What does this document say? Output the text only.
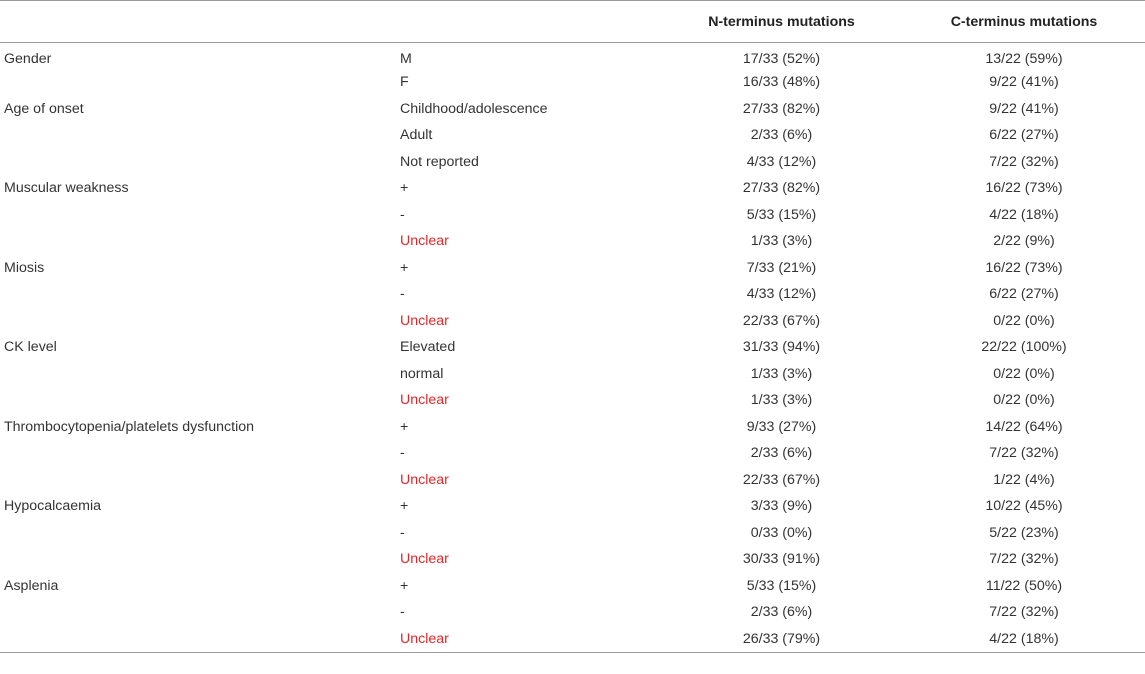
		N-terminus mutations	C-terminus mutations
Gender	M	17/33 (52%)	13/22 (59%)
	F	16/33 (48%)	9/22 (41%)
Age of onset	Childhood/adolescence	27/33 (82%)	9/22 (41%)
	Adult	2/33 (6%)	6/22 (27%)
	Not reported	4/33 (12%)	7/22 (32%)
Muscular weakness	+	27/33 (82%)	16/22 (73%)
	-	5/33 (15%)	4/22 (18%)
	Unclear	1/33 (3%)	2/22 (9%)
Miosis	+	7/33 (21%)	16/22 (73%)
	-	4/33 (12%)	6/22 (27%)
	Unclear	22/33 (67%)	0/22 (0%)
CK level	Elevated	31/33 (94%)	22/22 (100%)
	normal	1/33 (3%)	0/22 (0%)
	Unclear	1/33 (3%)	0/22 (0%)
Thrombocytopenia/platelets dysfunction	+	9/33 (27%)	14/22 (64%)
	-	2/33 (6%)	7/22 (32%)
	Unclear	22/33 (67%)	1/22 (4%)
Hypocalcaemia	+	3/33 (9%)	10/22 (45%)
	-	0/33 (0%)	5/22 (23%)
	Unclear	30/33 (91%)	7/22 (32%)
Asplenia	+	5/33 (15%)	11/22 (50%)
	-	2/33 (6%)	7/22 (32%)
	Unclear	26/33 (79%)	4/22 (18%)
